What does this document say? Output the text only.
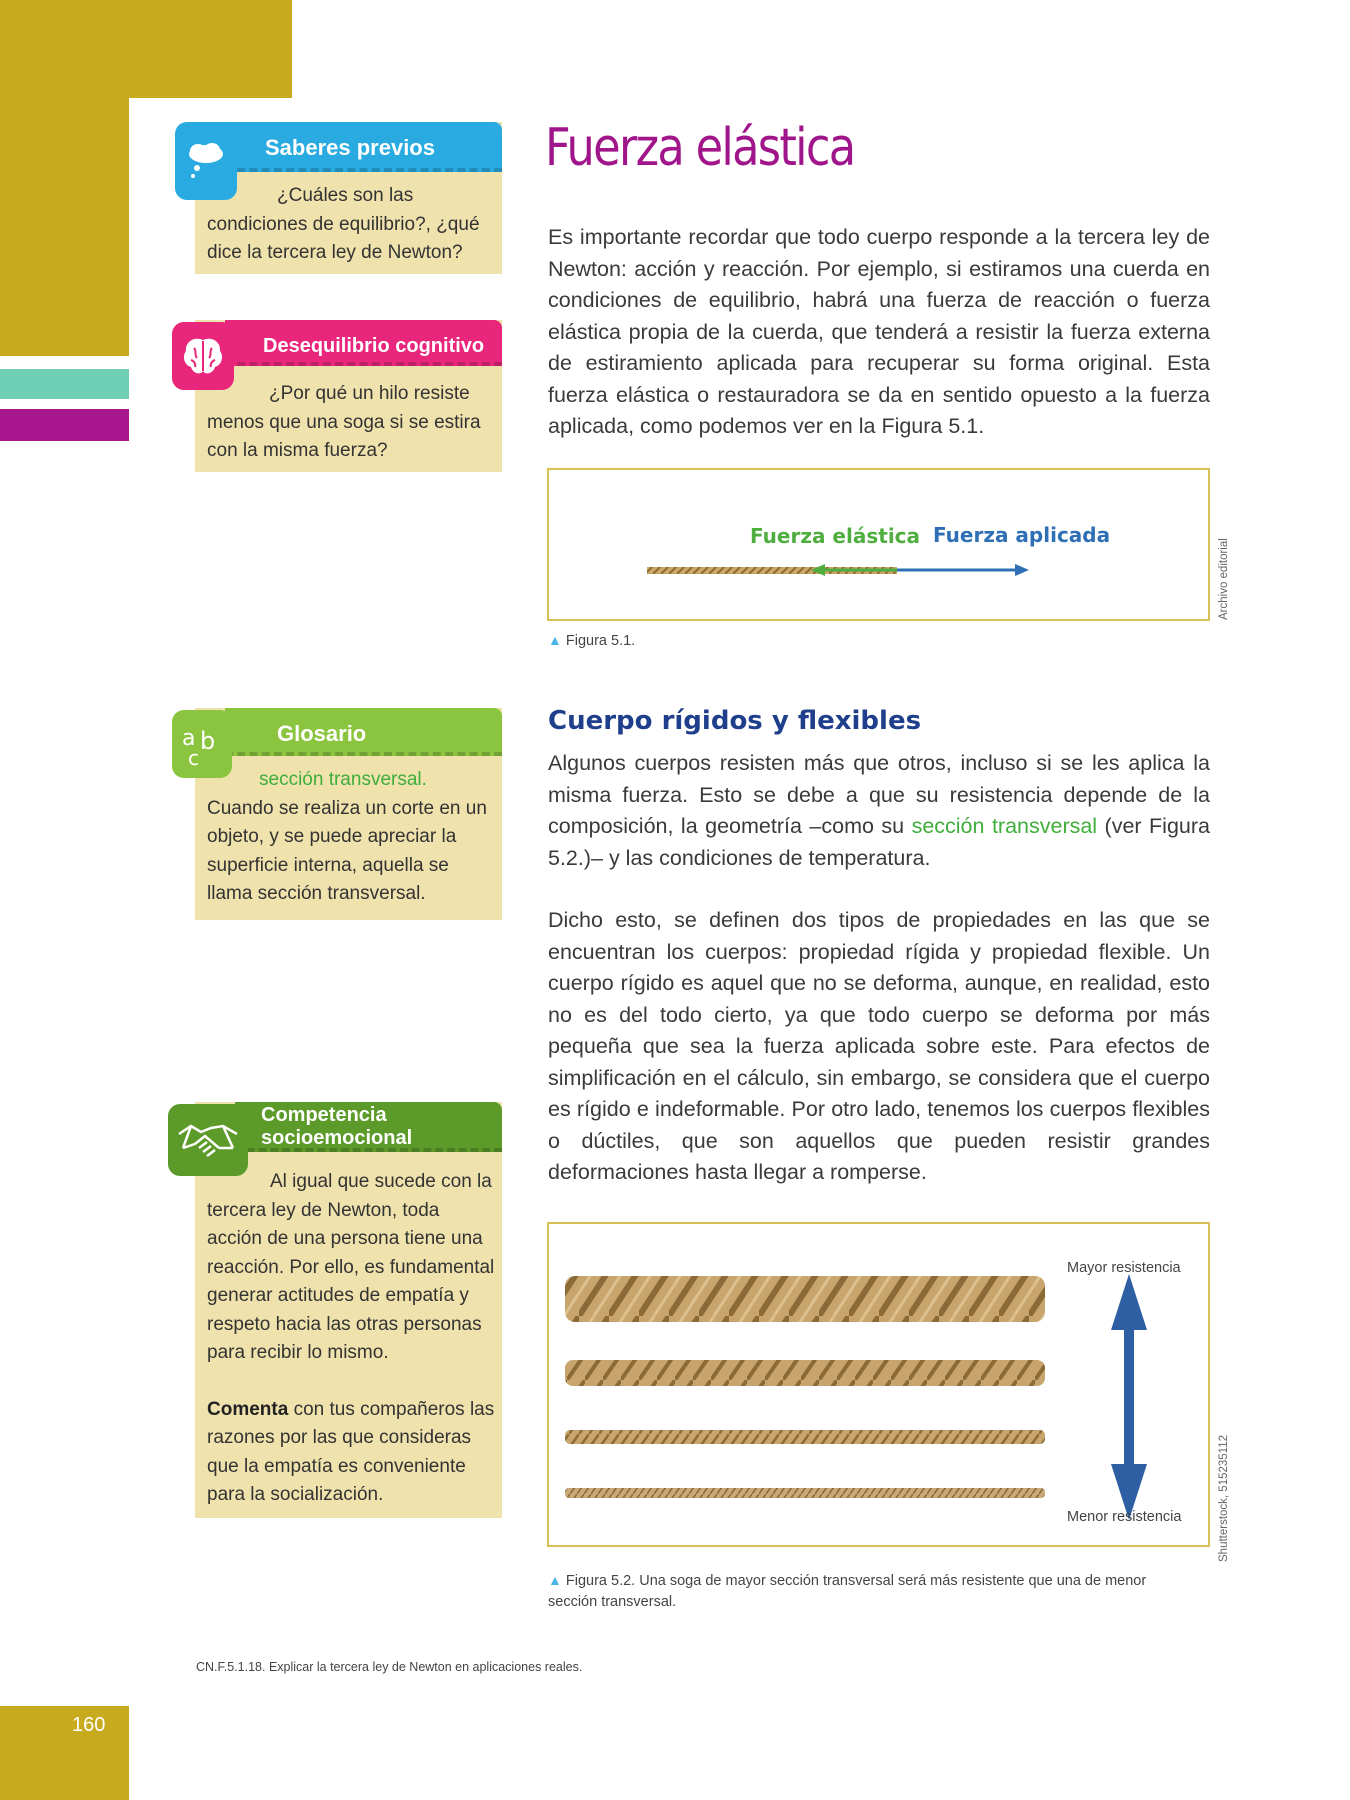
160
Saberes previos
¿Cuáles son las condiciones de equilibrio?, ¿qué dice la tercera ley de Newton?
Desequilibrio cognitivo
¿Por qué un hilo resiste menos que una soga si se estira con la misma fuerza?
Fuerza elástica
Es importante recordar que todo cuerpo responde a la tercera ley de Newton: acción y reacción. Por ejemplo, si estiramos una cuerda en condiciones de equilibrio, habrá una fuerza de reacción o fuerza elástica propia de la cuerda, que tenderá a resistir la fuerza externa de estiramiento aplicada para recuperar su forma original. Esta fuerza elástica o restauradora se da en sentido opuesto a la fuerza aplicada, como podemos ver en la Figura 5.1.
Fuerza elástica Fuerza aplicada
Archivo editorial
▲ Figura 5.1.
Glosario
sección transversal.
Cuando se realiza un corte en un objeto, y se puede apreciar la superficie interna, aquella se llama sección transversal.
a b
c
Cuerpo rígidos y flexibles
Algunos cuerpos resisten más que otros, incluso si se les aplica la misma fuerza. Esto se debe a que su resistencia depende de la composición, la geometría –como su sección transversal (ver Figura 5.2.)– y las condiciones de temperatura.
Dicho esto, se definen dos tipos de propiedades en las que se encuentran los cuerpos: propiedad rígida y propiedad flexible. Un cuerpo rígido es aquel que no se deforma, aunque, en realidad, esto no es del todo cierto, ya que todo cuerpo se deforma por más pequeña que sea la fuerza aplicada sobre este. Para efectos de simplificación en el cálculo, sin embargo, se considera que el cuerpo es rígido e indeformable. Por otro lado, tenemos los cuerpos flexibles o dúctiles, que son aquellos que pueden resistir grandes deformaciones hasta llegar a romperse.
Competencia
socioemocional
Al igual que sucede con la tercera ley de Newton, toda acción de una persona tiene una reacción. Por ello, es fundamental generar actitudes de empatía y respeto hacia las otras personas para recibir lo mismo.
Comenta con tus compañeros las razones por las que consideras que la empatía es conveniente para la socialización.
Mayor resistencia
Menor resistencia	Shutterstock, 515235112
▲ Figura 5.2. Una soga de mayor sección transversal será más resistente que una de menor sección transversal.
CN.F.5.1.18. Explicar la tercera ley de Newton en aplicaciones reales.
